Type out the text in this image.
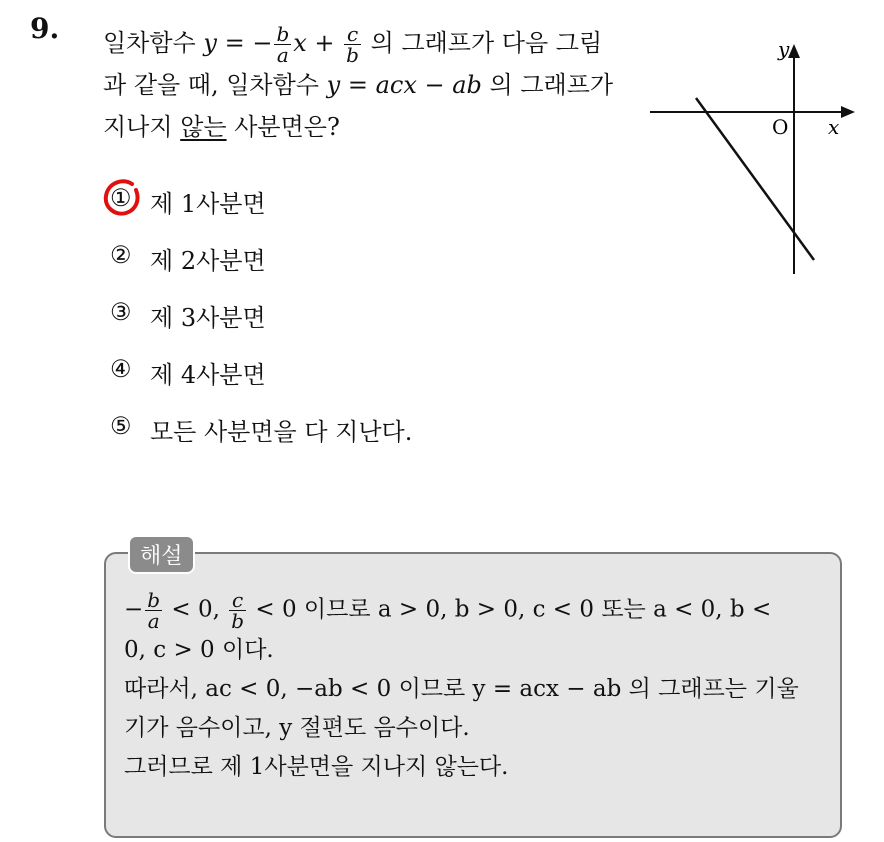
9. 일차함수 y = − $\frac{b}{a}$ $x + \frac{c}{b}$ 의 그래프가 다음 그림
과 같을 때, 일차함수 y = acx − ab 의 그래프가
지나지 않는 사분면은?
y
O x
① 제 1사분면
② 제 2사분면
③ 제 3사분면
④ 제 4사분면
⑤ 모든 사분면을 다 지난다.
해설
− $\frac{b}{a} < 0$, $\frac{c}{b} < 0$ 이므로 a > 0, b > 0, c < 0 또는 a < 0, b <
0, c > 0 이다.
따라서, ac < 0, −ab < 0 이므로 y = acx − ab 의 그래프는 기울
기가 음수이고, y 절편도 음수이다.
그러므로 제 1사분면을 지나지 않는다.
